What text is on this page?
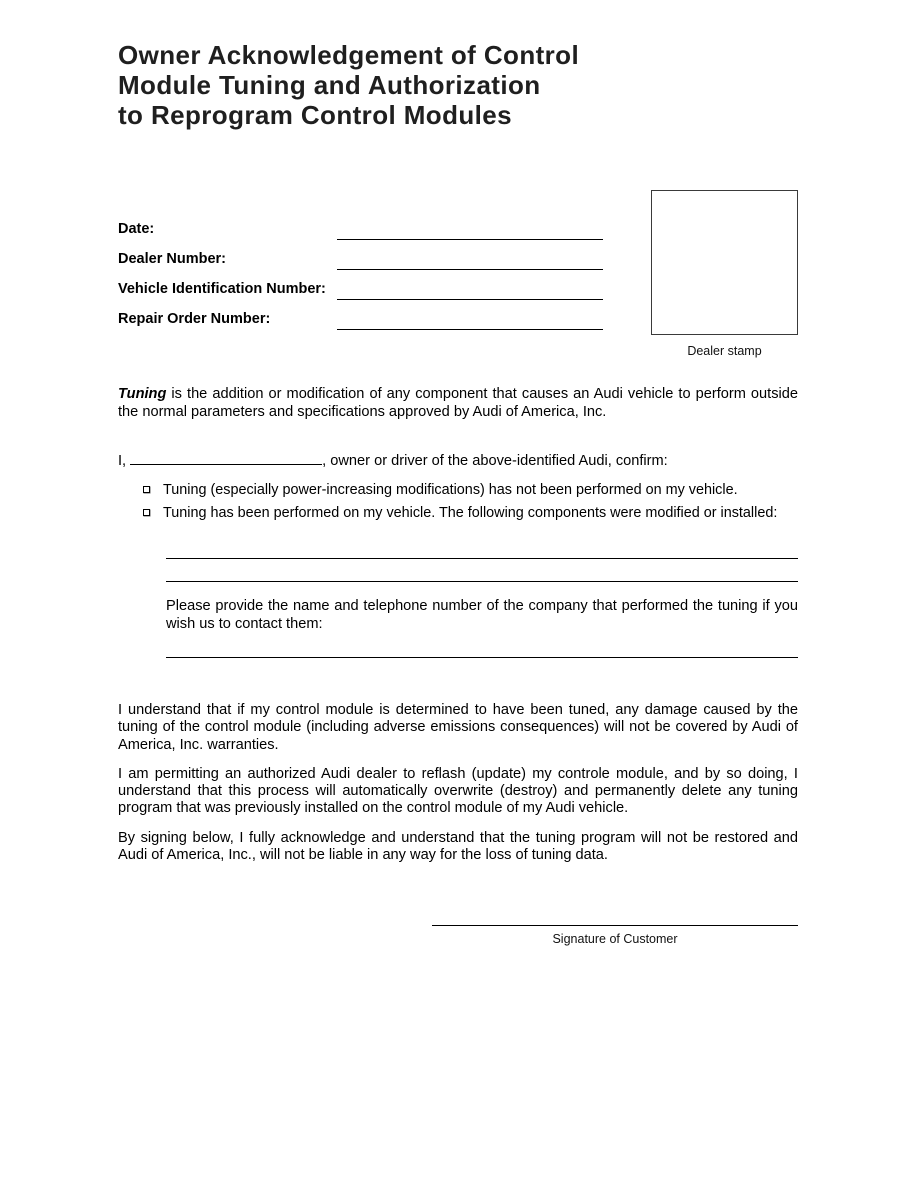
Owner Acknowledgement of Control
Module Tuning and Authorization
to Reprogram Control Modules
Date:
Dealer Number:
Vehicle Identification Number:
Repair Order Number:
Dealer stamp
Tuning is the addition or modification of any component that causes an Audi vehicle to perform outside the normal parameters and specifications approved by Audi of America, Inc.
I,	, owner or driver of the above-identified Audi, confirm:
Tuning (especially power-increasing modifications) has not been performed on my vehicle.
Tuning has been performed on my vehicle. The following components were modified or installed:
Please provide the name and telephone number of the company that performed the tuning if you wish us to contact them:
I understand that if my control module is determined to have been tuned, any damage caused by the tuning of the control module (including adverse emissions consequences) will not be covered by Audi of America, Inc. warranties.
I am permitting an authorized Audi dealer to reflash (update) my controle module, and by so doing, I understand that this process will automatically overwrite (destroy) and permanently delete any tuning program that was previously installed on the control module of my Audi vehicle.
By signing below, I fully acknowledge and understand that the tuning program will not be restored and Audi of America, Inc., will not be liable in any way for the loss of tuning data.
Signature of Customer
